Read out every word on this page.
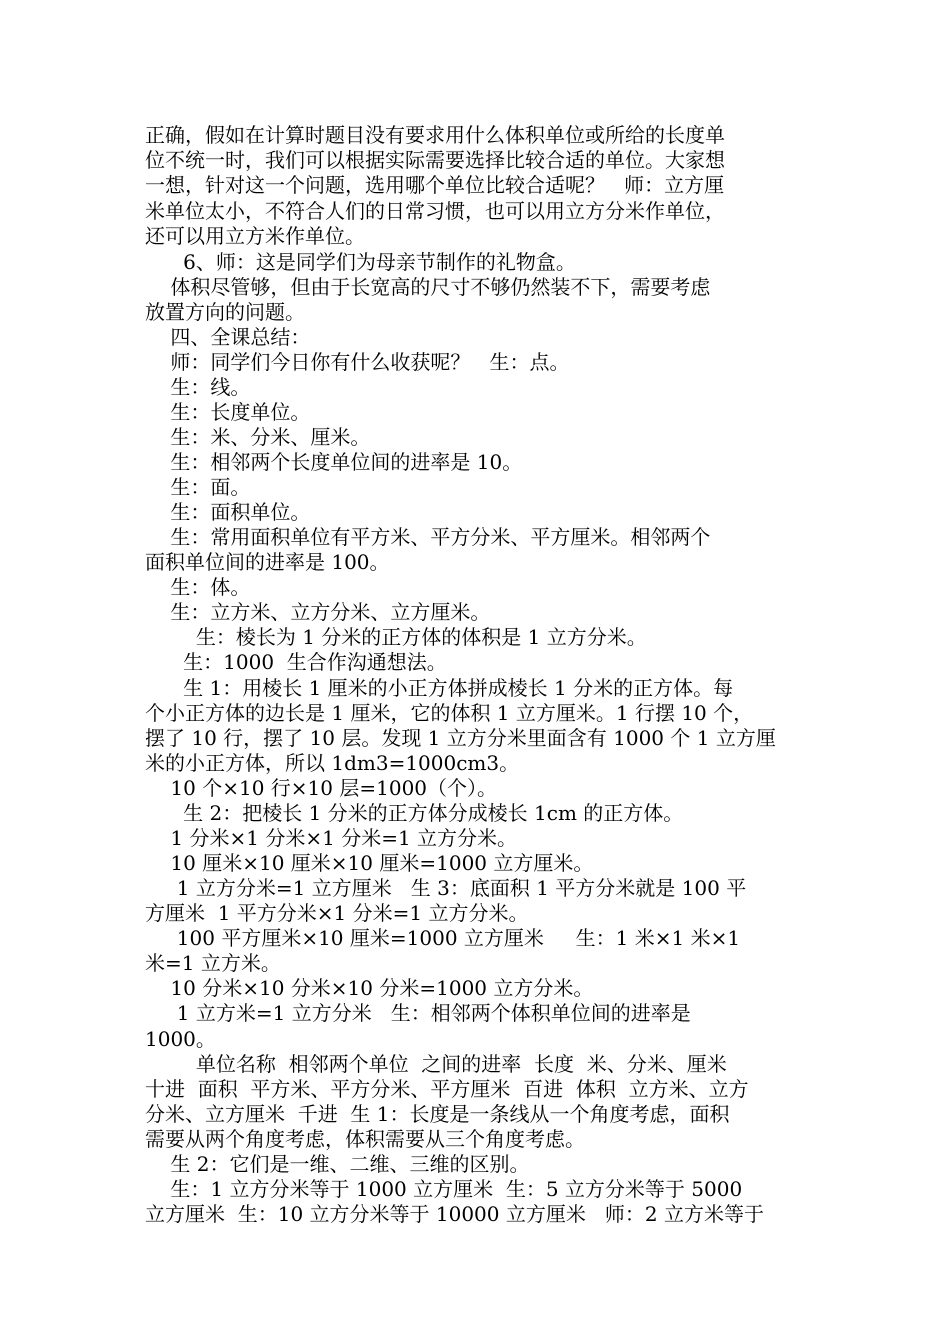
正确，假如在计算时题目没有要求用什么体积单位或所给的长度单
位不统一时，我们可以根据实际需要选择比较合适的单位。大家想
一想，针对这一个问题，选用哪个单位比较合适呢？   师：立方厘
米单位太小，不符合人们的日常习惯，也可以用立方分米作单位，
还可以用立方米作单位。
6、师：这是同学们为母亲节制作的礼物盒。
体积尽管够，但由于长宽高的尺寸不够仍然装不下，需要考虑
放置方向的问题。
四、全课总结：
师：同学们今日你有什么收获呢？   生：点。
生：线。
生：长度单位。
生：米、分米、厘米。
生：相邻两个长度单位间的进率是 10。
生：面。
生：面积单位。
生：常用面积单位有平方米、平方分米、平方厘米。相邻两个
面积单位间的进率是 100。
生：体。
生：立方米、立方分米、立方厘米。
生：棱长为 1 分米的正方体的体积是 1 立方分米。
生：1000  生合作沟通想法。
生 1：用棱长 1 厘米的小正方体拼成棱长 1 分米的正方体。每
个小正方体的边长是 1 厘米，它的体积 1 立方厘米。1 行摆 10 个，
摆了 10 行，摆了 10 层。发现 1 立方分米里面含有 1000 个 1 立方厘
米的小正方体，所以 1dm3=1000cm3。
10 个×10 行×10 层=1000（个）。
生 2：把棱长 1 分米的正方体分成棱长 1cm 的正方体。
1 分米×1 分米×1 分米=1 立方分米。
10 厘米×10 厘米×10 厘米=1000 立方厘米。
1 立方分米=1 立方厘米   生 3：底面积 1 平方分米就是 100 平
方厘米  1 平方分米×1 分米=1 立方分米。
100 平方厘米×10 厘米=1000 立方厘米     生：1 米×1 米×1
米=1 立方米。
10 分米×10 分米×10 分米=1000 立方分米。
1 立方米=1 立方分米   生：相邻两个体积单位间的进率是
1000。
单位名称  相邻两个单位  之间的进率  长度  米、分米、厘米
十进  面积  平方米、平方分米、平方厘米  百进  体积  立方米、立方
分米、立方厘米  千进  生 1：长度是一条线从一个角度考虑，面积
需要从两个角度考虑，体积需要从三个角度考虑。
生 2：它们是一维、二维、三维的区别。
生：1 立方分米等于 1000 立方厘米  生：5 立方分米等于 5000
立方厘米  生：10 立方分米等于 10000 立方厘米   师：2 立方米等于
